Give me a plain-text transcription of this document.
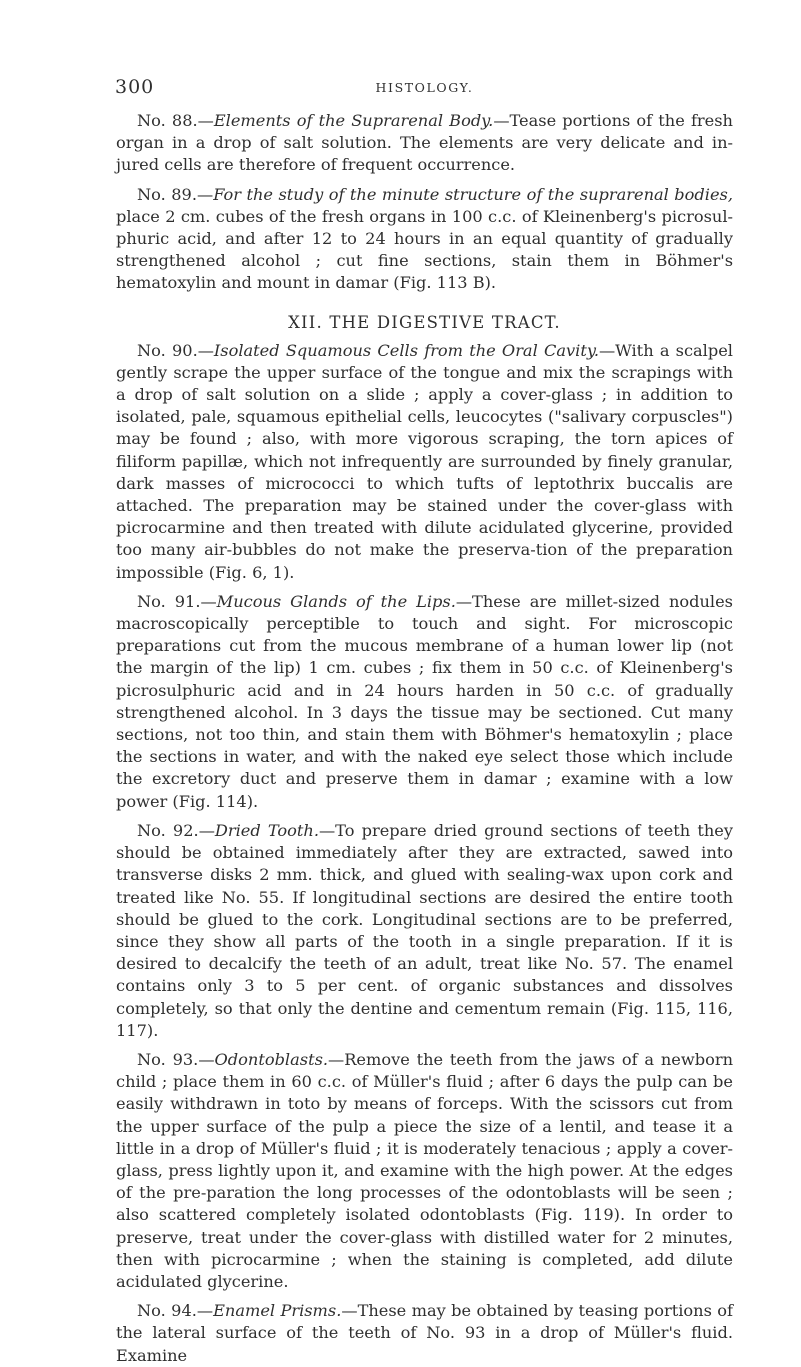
300	HISTOLOGY.

No. 88.—Elements of the Suprarenal Body.—Tease portions of the fresh organ in a drop of salt solution. The elements are very delicate and in-jured cells are therefore of frequent occurrence.

No. 89.—For the study of the minute structure of the suprarenal bodies, place 2 cm. cubes of the fresh organs in 100 c.c. of Kleinenberg's picrosul-phuric acid, and after 12 to 24 hours in an equal quantity of gradually strengthened alcohol ; cut fine sections, stain them in Böhmer's hematoxylin and mount in damar (Fig. 113 B).

XII. THE DIGESTIVE TRACT.

No. 90.—Isolated Squamous Cells from the Oral Cavity.—With a scalpel gently scrape the upper surface of the tongue and mix the scrapings with a drop of salt solution on a slide ; apply a cover-glass ; in addition to isolated, pale, squamous epithelial cells, leucocytes ("salivary corpuscles") may be found ; also, with more vigorous scraping, the torn apices of filiform papillæ, which not infrequently are surrounded by finely granular, dark masses of micrococci to which tufts of leptothrix buccalis are attached. The preparation may be stained under the cover-glass with picrocarmine and then treated with dilute acidulated glycerine, provided too many air-bubbles do not make the preserva-tion of the preparation impossible (Fig. 6, 1).

No. 91.—Mucous Glands of the Lips.—These are millet-sized nodules macroscopically perceptible to touch and sight. For microscopic preparations cut from the mucous membrane of a human lower lip (not the margin of the lip) 1 cm. cubes ; fix them in 50 c.c. of Kleinenberg's picrosulphuric acid and in 24 hours harden in 50 c.c. of gradually strengthened alcohol. In 3 days the tissue may be sectioned. Cut many sections, not too thin, and stain them with Böhmer's hematoxylin ; place the sections in water, and with the naked eye select those which include the excretory duct and preserve them in damar ; examine with a low power (Fig. 114).

No. 92.—Dried Tooth.—To prepare dried ground sections of teeth they should be obtained immediately after they are extracted, sawed into transverse disks 2 mm. thick, and glued with sealing-wax upon cork and treated like No. 55. If longitudinal sections are desired the entire tooth should be glued to the cork. Longitudinal sections are to be preferred, since they show all parts of the tooth in a single preparation. If it is desired to decalcify the teeth of an adult, treat like No. 57. The enamel contains only 3 to 5 per cent. of organic substances and dissolves completely, so that only the dentine and cementum remain (Fig. 115, 116, 117).

No. 93.—Odontoblasts.—Remove the teeth from the jaws of a newborn child ; place them in 60 c.c. of Müller's fluid ; after 6 days the pulp can be easily withdrawn in toto by means of forceps. With the scissors cut from the upper surface of the pulp a piece the size of a lentil, and tease it a little in a drop of Müller's fluid ; it is moderately tenacious ; apply a cover-glass, press lightly upon it, and examine with the high power. At the edges of the pre-paration the long processes of the odontoblasts will be seen ; also scattered completely isolated odontoblasts (Fig. 119). In order to preserve, treat under the cover-glass with distilled water for 2 minutes, then with picrocarmine ; when the staining is completed, add dilute acidulated glycerine.

No. 94.—Enamel Prisms.—These may be obtained by teasing portions of the lateral surface of the teeth of No. 93 in a drop of Müller's fluid. Examine
